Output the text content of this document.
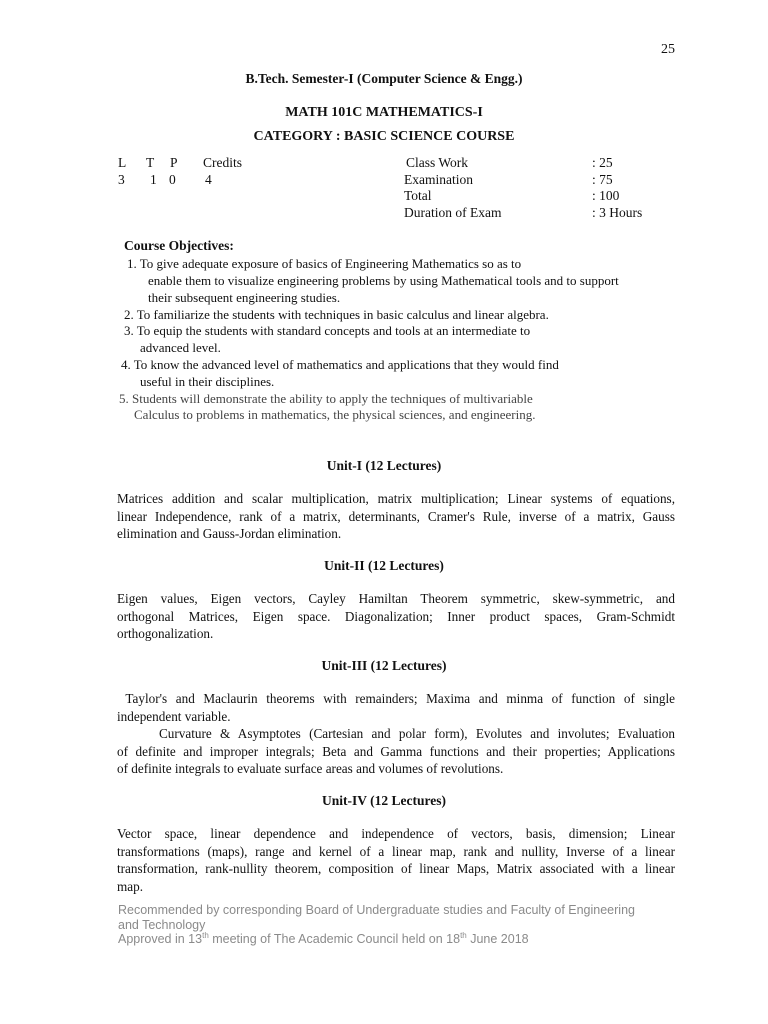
25
B.Tech. Semester-I (Computer Science & Engg.)
MATH 101C MATHEMATICS-I
CATEGORY : BASIC SCIENCE COURSE
L T P Credits
3 1 0 4
Class Work	: 25
Examination	: 75
Total	: 100
Duration of Exam	: 3 Hours
Course Objectives:
1. To give adequate exposure of basics of Engineering Mathematics so as to
enable them to visualize engineering problems by using Mathematical tools and to support
their subsequent engineering studies.
2. To familiarize the students with techniques in basic calculus and linear algebra.
3. To equip the students with standard concepts and tools at an intermediate to
advanced level.
4. To know the advanced level of mathematics and applications that they would find
useful in their disciplines.
5. Students will demonstrate the ability to apply the techniques of multivariable
Calculus to problems in mathematics, the physical sciences, and engineering.
Unit-I (12 Lectures)
Matrices addition and scalar multiplication, matrix multiplication; Linear systems of equations,
linear Independence, rank of a matrix, determinants, Cramer's Rule, inverse of a matrix, Gauss
elimination and Gauss-Jordan elimination.
Unit-II (12 Lectures)
Eigen values, Eigen vectors, Cayley Hamiltan Theorem symmetric, skew-symmetric, and
orthogonal Matrices, Eigen space. Diagonalization; Inner product spaces, Gram-Schmidt
orthogonalization.
Unit-III (12 Lectures)
Taylor's and Maclaurin theorems with remainders; Maxima and minma of function of single
independent variable.
Curvature & Asymptotes (Cartesian and polar form), Evolutes and involutes; Evaluation
of definite and improper integrals; Beta and Gamma functions and their properties; Applications
of definite integrals to evaluate surface areas and volumes of revolutions.
Unit-IV (12 Lectures)
Vector space, linear dependence and independence of vectors, basis, dimension; Linear
transformations (maps), range and kernel of a linear map, rank and nullity, Inverse of a linear
transformation, rank-nullity theorem, composition of linear Maps, Matrix associated with a linear
map.
Recommended by corresponding Board of Undergraduate studies and Faculty of Engineering
and Technology
Approved in 13th meeting of The Academic Council held on 18th June 2018
